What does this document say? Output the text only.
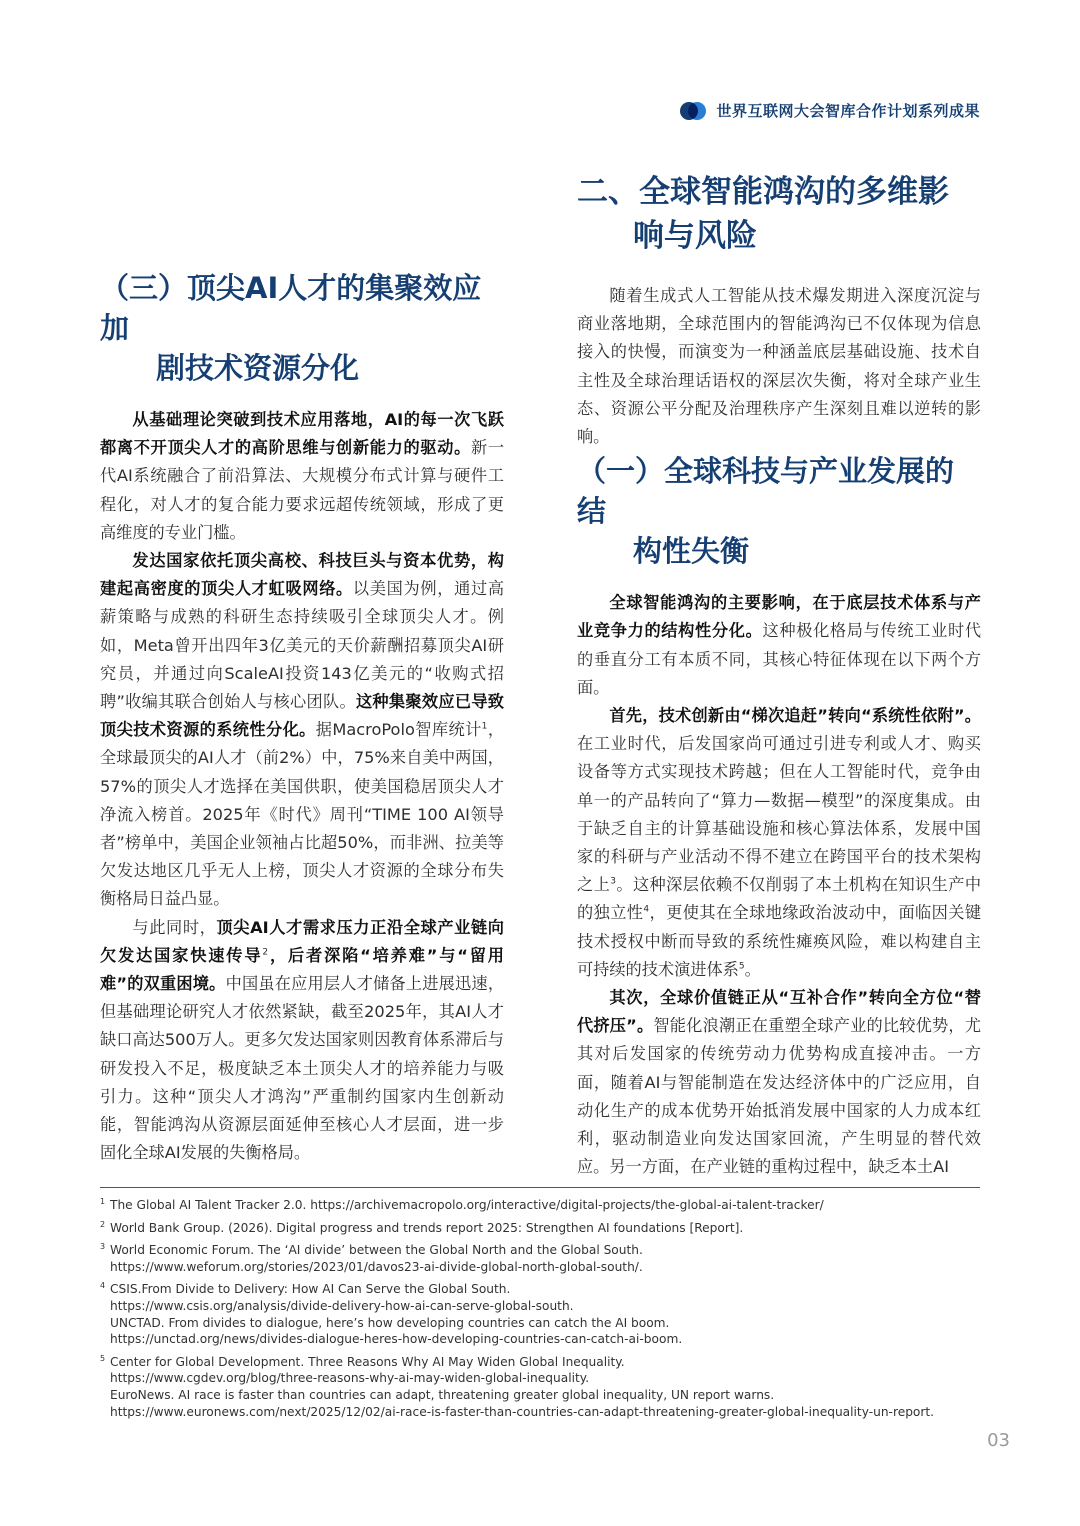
世界互联网大会智库合作计划系列成果
（三）顶尖AI人才的集聚效应加
剧技术资源分化

从基础理论突破到技术应用落地，AI的每一次飞跃都离不开顶尖人才的高阶思维与创新能力的驱动。新一代AI系统融合了前沿算法、大规模分布式计算与硬件工程化，对人才的复合能力要求远超传统领域，形成了更高维度的专业门槛。

发达国家依托顶尖高校、科技巨头与资本优势，构建起高密度的顶尖人才虹吸网络。以美国为例，通过高薪策略与成熟的科研生态持续吸引全球顶尖人才。例如，Meta曾开出四年3亿美元的天价薪酬招募顶尖AI研究员，并通过向ScaleAI投资143亿美元的“收购式招聘”收编其联合创始人与核心团队。这种集聚效应已导致顶尖技术资源的系统性分化。据MacroPolo智库统计$^1$，全球最顶尖的AI人才（前2%）中，75%来自美中两国，57%的顶尖人才选择在美国供职，使美国稳居顶尖人才净流入榜首。2025年《时代》周刊“TIME 100 AI领导者”榜单中，美国企业领袖占比超50%，而非洲、拉美等欠发达地区几乎无人上榜，顶尖人才资源的全球分布失衡格局日益凸显。

与此同时，顶尖AI人才需求压力正沿全球产业链向欠发达国家快速传导$^2$，后者深陷“培养难”与“留用难”的双重困境。中国虽在应用层人才储备上进展迅速，但基础理论研究人才依然紧缺，截至2025年，其AI人才缺口高达500万人。更多欠发达国家则因教育体系滞后与研发投入不足，极度缺乏本土顶尖人才的培养能力与吸引力。这种“顶尖人才鸿沟”严重制约国家内生创新动能，智能鸿沟从资源层面延伸至核心人才层面，进一步固化全球AI发展的失衡格局。

二、全球智能鸿沟的多维影
响与风险

随着生成式人工智能从技术爆发期进入深度沉淀与商业落地期，全球范围内的智能鸿沟已不仅体现为信息接入的快慢，而演变为一种涵盖底层基础设施、技术自主性及全球治理话语权的深层次失衡，将对全球产业生态、资源公平分配及治理秩序产生深刻且难以逆转的影响。

（一）全球科技与产业发展的结
构性失衡

全球智能鸿沟的主要影响，在于底层技术体系与产业竞争力的结构性分化。这种极化格局与传统工业时代的垂直分工有本质不同，其核心特征体现在以下两个方面。

首先，技术创新由“梯次追赶”转向“系统性依附”。在工业时代，后发国家尚可通过引进专利或人才、购买设备等方式实现技术跨越；但在人工智能时代，竞争由单一的产品转向了“算力—数据—模型”的深度集成。由于缺乏自主的计算基础设施和核心算法体系，发展中国家的科研与产业活动不得不建立在跨国平台的技术架构之上$^3$。这种深层依赖不仅削弱了本土机构在知识生产中的独立性$^4$，更使其在全球地缘政治波动中，面临因关键技术授权中断而导致的系统性瘫痪风险，难以构建自主可持续的技术演进体系$^5$。

其次，全球价值链正从“互补合作”转向全方位“替代挤压”。智能化浪潮正在重塑全球产业的比较优势，尤其对后发国家的传统劳动力优势构成直接冲击。一方面，随着AI与智能制造在发达经济体中的广泛应用，自动化生产的成本优势开始抵消发展中国家的人力成本红利，驱动制造业向发达国家回流，产生明显的替代效应。另一方面，在产业链的重构过程中，缺乏本土AI

1 The Global AI Talent Tracker 2.0. https://archivemacropolo.org/interactive/digital-projects/the-global-ai-talent-tracker/
2 World Bank Group. (2026). Digital progress and trends report 2025: Strengthen AI foundations [Report].
3 World Economic Forum. The ‘AI divide’ between the Global North and the Global South.
https://www.weforum.org/stories/2023/01/davos23-ai-divide-global-north-global-south/.
4 CSIS.From Divide to Delivery: How AI Can Serve the Global South.
https://www.csis.org/analysis/divide-delivery-how-ai-can-serve-global-south.
UNCTAD. From divides to dialogue, here’s how developing countries can catch the AI boom.
https://unctad.org/news/divides-dialogue-heres-how-developing-countries-can-catch-ai-boom.
5 Center for Global Development. Three Reasons Why AI May Widen Global Inequality.
https://www.cgdev.org/blog/three-reasons-why-ai-may-widen-global-inequality.
EuroNews. AI race is faster than countries can adapt, threatening greater global inequality, UN report warns.
https://www.euronews.com/next/2025/12/02/ai-race-is-faster-than-countries-can-adapt-threatening-greater-global-inequality-un-report.
03
